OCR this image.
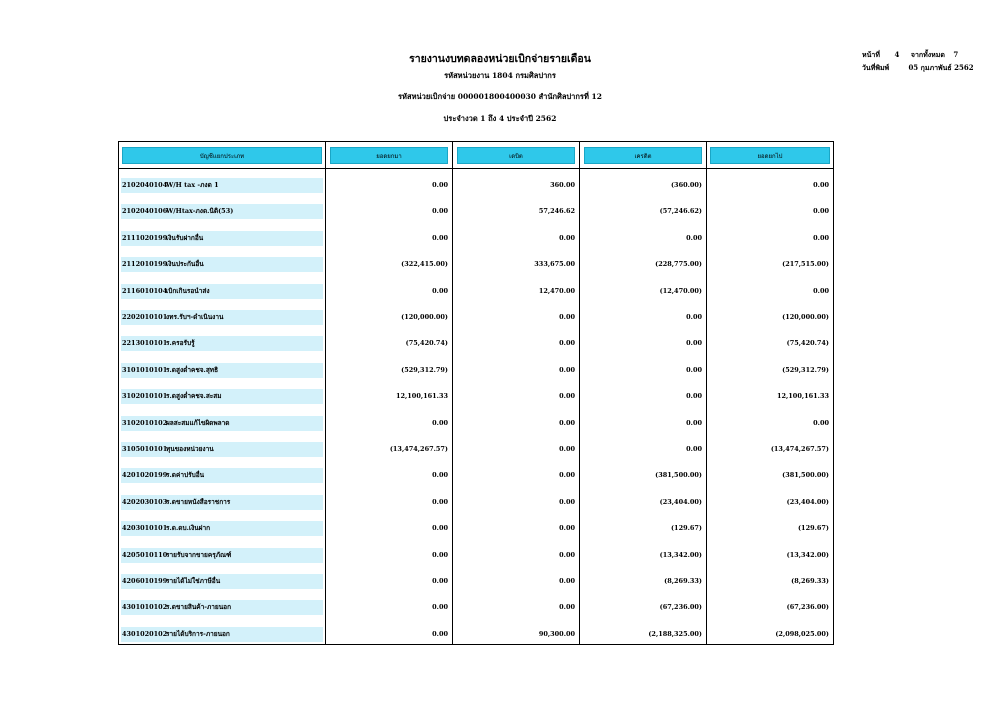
รายงานงบทดลองหน่วยเบิกจ่ายรายเดือน
รหัสหน่วยงาน 1804 กรมศิลปากร
รหัสหน่วยเบิกจ่าย 000001800400030 สำนักศิลปากรที่ 12
ประจำงวด 1 ถึง 4 ประจำปี 2562
หน้าที่ 4 จากทั้งหมด 7
วันที่พิมพ์	05 กุมภาพันธ์ 2562
บัญชีแยกประเภท	ยอดยกมา	เดบิต	เครดิต	ยอดยกไป
2102040104W/H tax -ภงด 1	0.00	360.00	(360.00)	0.00
2102040106W/Htax-ภงด.นิติ(53)	0.00	57,246.62	(57,246.62)	0.00
2111020199เงินรับฝากอื่น	0.00	0.00	0.00	0.00
2112010199เงินประกันอื่น	(322,415.00)	333,675.00	(228,775.00)	(217,515.00)
2116010104เบิกเกินรอนำส่ง	0.00	12,470.00	(12,470.00)	0.00
2202010101งทร.รับฯ-ดำเนินงาน	(120,000.00)	0.00	0.00	(120,000.00)
2213010101ร.ครอรับรู้	(75,420.74)	0.00	0.00	(75,420.74)
3101010101ร.ดสูงต่ำคชจ.สุทธิ	(529,312.79)	0.00	0.00	(529,312.79)
3102010101ร.ดสูงต่ำคชจ.สะสม	12,100,161.33	0.00	0.00	12,100,161.33
3102010102ผลสะสมแก้ไขผิดพลาด	0.00	0.00	0.00	0.00
3105010101ทุนของหน่วยงาน	(13,474,267.57)	0.00	0.00	(13,474,267.57)
4201020199ร.ดค่าปรับอื่น	0.00	0.00	(381,500.00)	(381,500.00)
4202030103ร.ดขายหนังสือราชการ	0.00	0.00	(23,404.00)	(23,404.00)
4203010101ร.ด.ดบ.เงินฝาก	0.00	0.00	(129.67)	(129.67)
4205010110รายรับจากขายครุภัณฑ์	0.00	0.00	(13,342.00)	(13,342.00)
4206010199รายได้ไม่ใช่ภาษีอื่น	0.00	0.00	(8,269.33)	(8,269.33)
4301010102ร.ดขายสินค้า-ภายนอก	0.00	0.00	(67,236.00)	(67,236.00)
4301020102รายได้บริการ-ภายนอก	0.00	90,300.00	(2,188,325.00)	(2,098,025.00)
